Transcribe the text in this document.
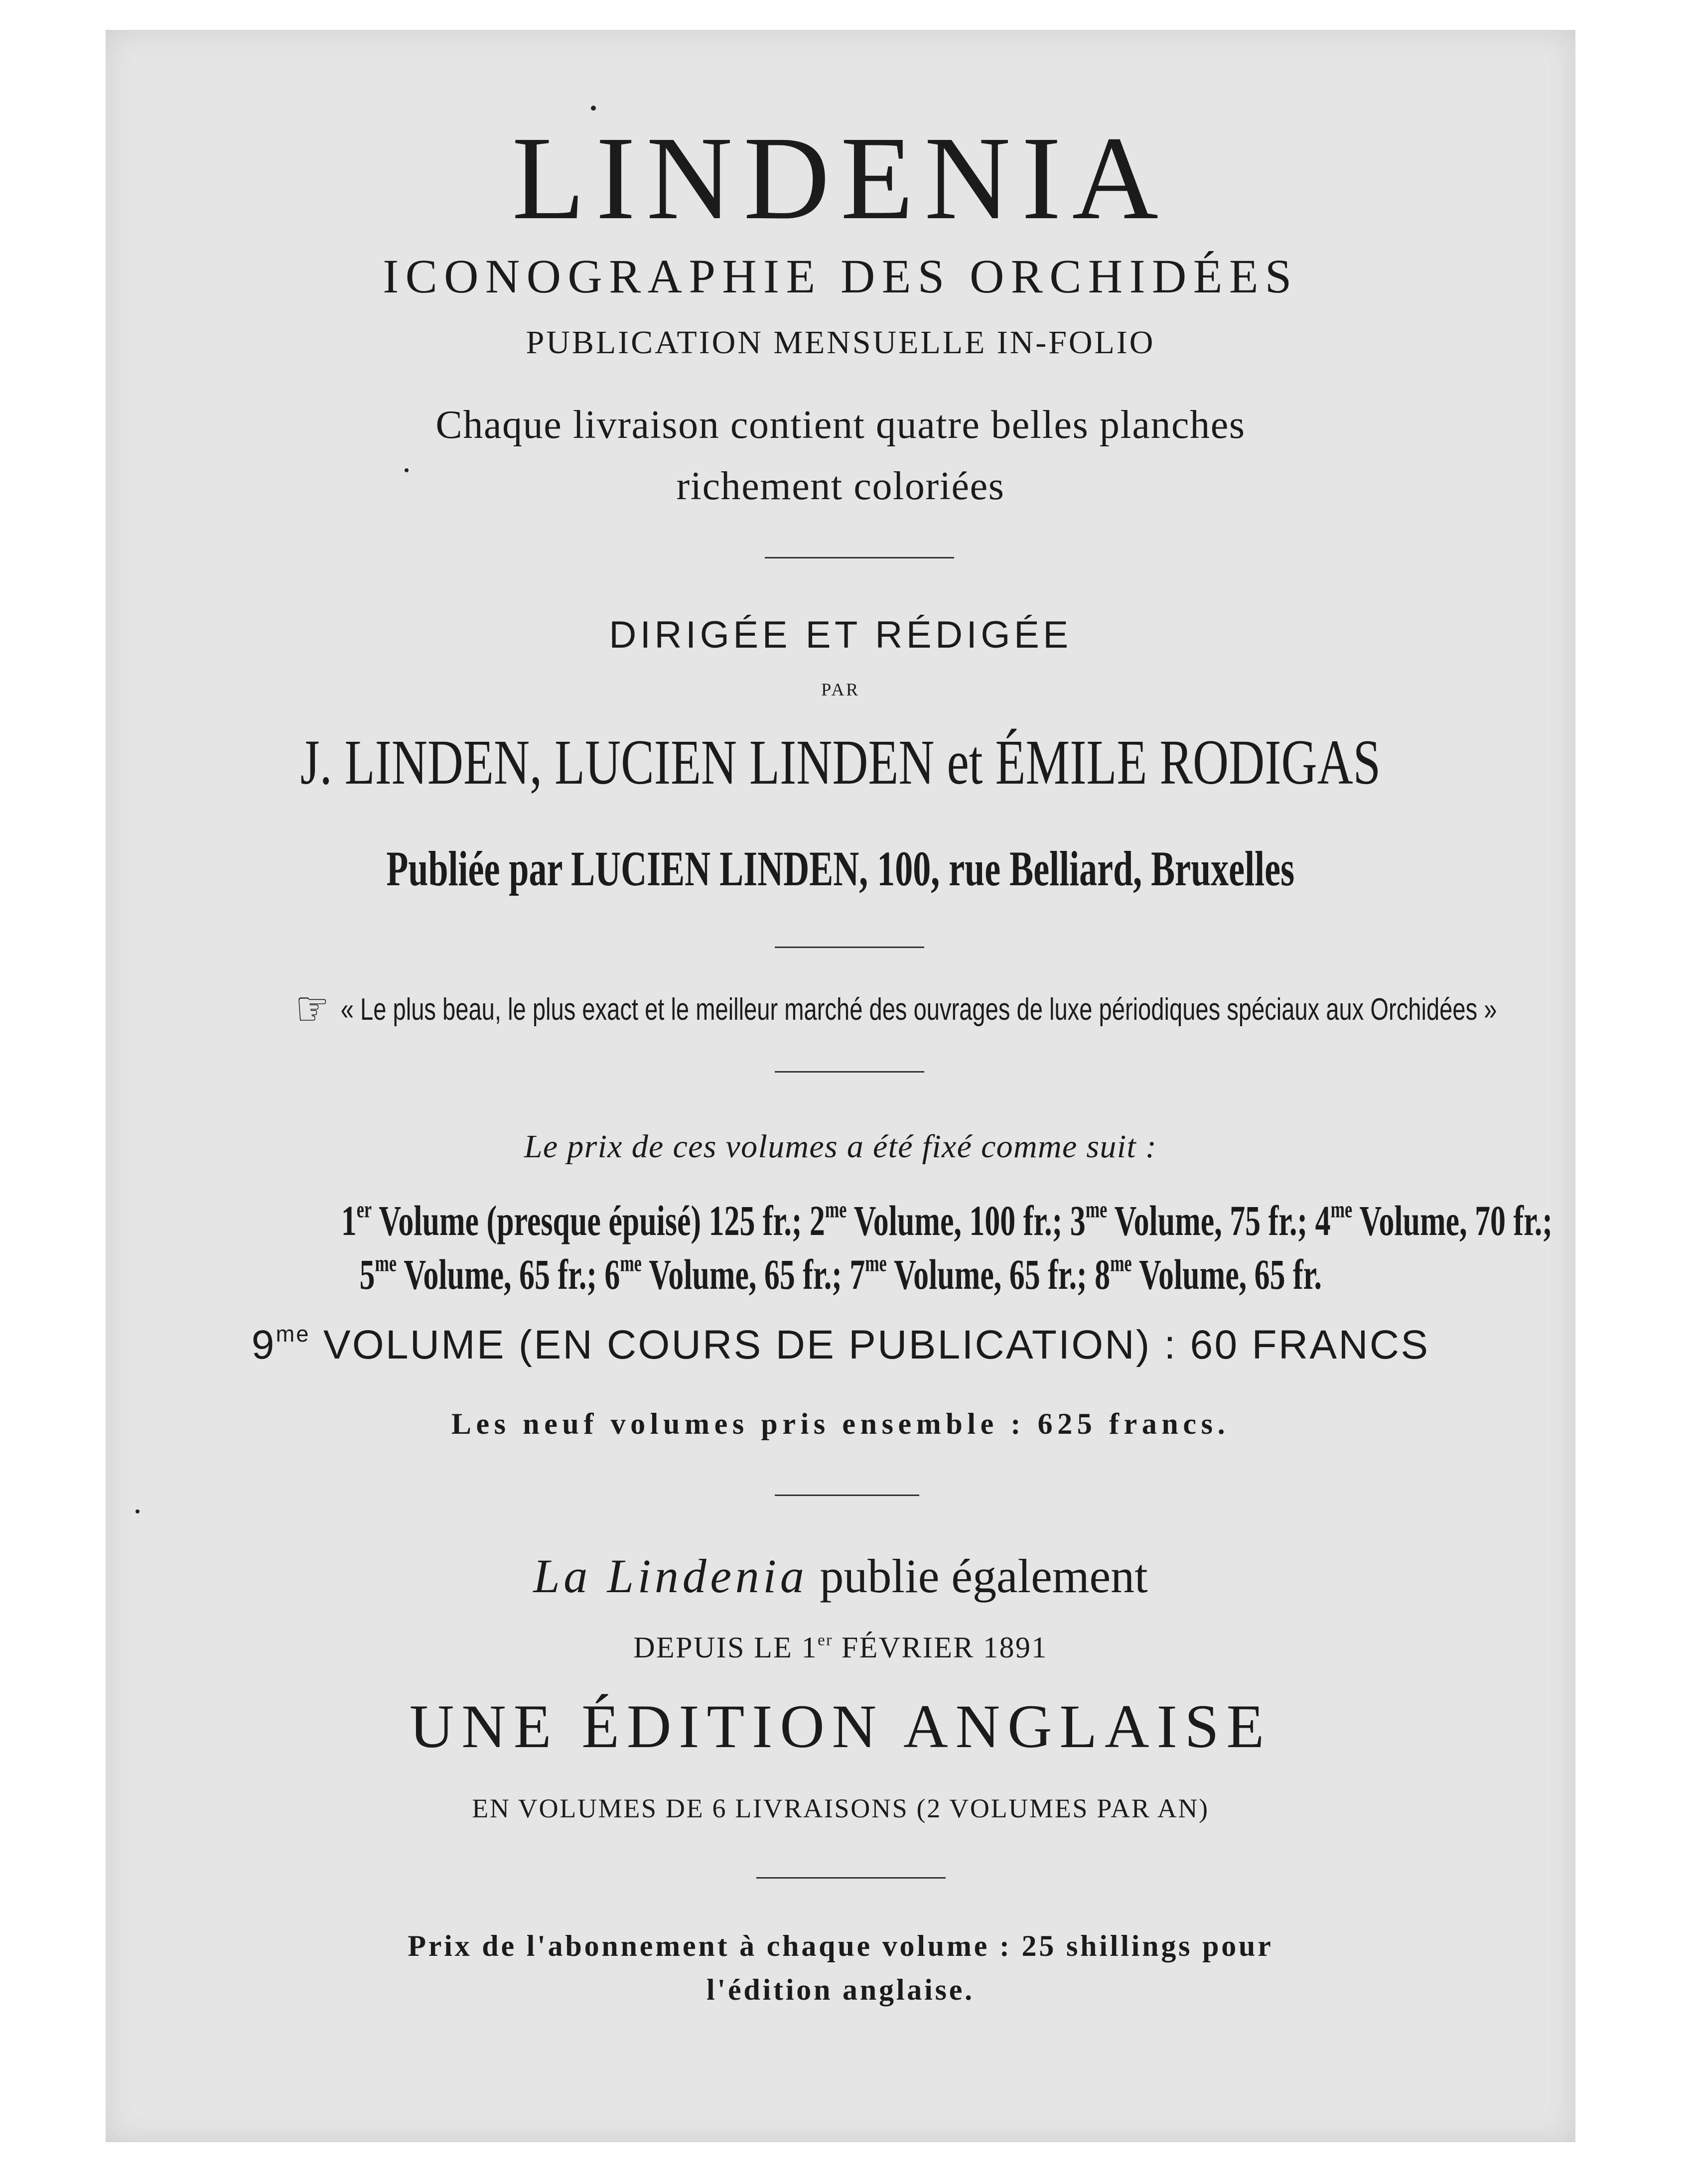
LINDENIA
ICONOGRAPHIE DES ORCHIDÉES
PUBLICATION MENSUELLE IN-FOLIO
Chaque livraison contient quatre belles planches
richement coloriées
DIRIGÉE ET RÉDIGÉE
PAR
J. LINDEN, LUCIEN LINDEN et ÉMILE RODIGAS
Publiée par LUCIEN LINDEN, 100, rue Belliard, Bruxelles
☞ « Le plus beau, le plus exact et le meilleur marché des ouvrages de luxe périodiques spéciaux aux Orchidées »
Le prix de ces volumes a été fixé comme suit :
1er Volume (presque épuisé) 125 fr.; $2^{me}$ Volume, 100 fr.; $3^{me}$ Volume, 75 fr.; $4^{me}$ Volume, 70 fr.;
$5^{me}$ Volume, 65 fr.; $6^{me}$ Volume, 65 fr.; $7^{me}$ Volume, 65 fr.; $8^{me}$ Volume, 65 fr.
$9^{me}$ VOLUME (EN COURS DE PUBLICATION) : 60 FRANCS
Les neuf volumes pris ensemble : 625 francs.
La Lindenia publie également
DEPUIS LE 1er FÉVRIER 1891
UNE ÉDITION ANGLAISE
EN VOLUMES DE 6 LIVRAISONS (2 VOLUMES PAR AN)
Prix de l'abonnement à chaque volume : 25 shillings pour
l'édition anglaise.
